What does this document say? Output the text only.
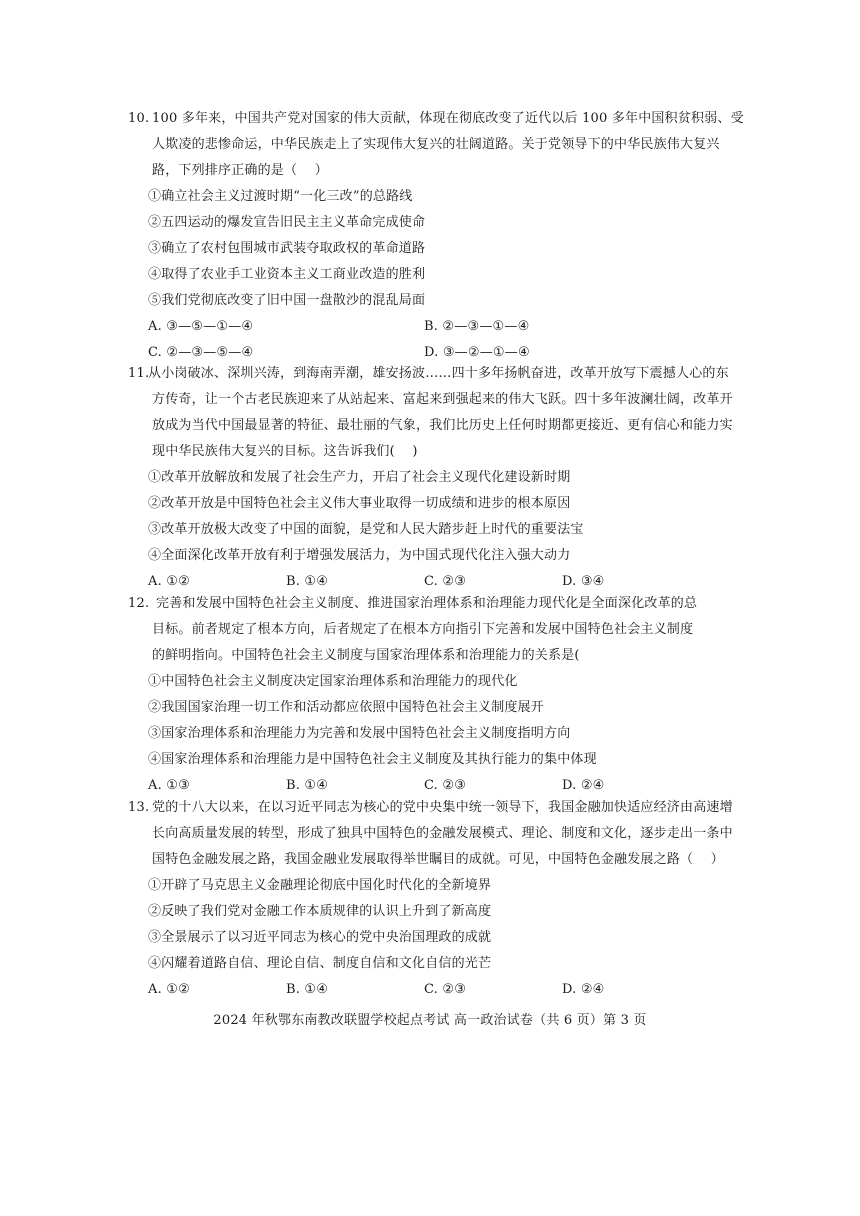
10. 100 多年来，中国共产党对国家的伟大贡献，体现在彻底改变了近代以后 100 多年中国积贫积弱、受
人欺凌的悲惨命运，中华民族走上了实现伟大复兴的壮阔道路。关于党领导下的中华民族伟大复兴
路，下列排序正确的是（　 ）
①确立社会主义过渡时期“一化三改”的总路线
②五四运动的爆发宣告旧民主主义革命完成使命
③确立了农村包围城市武装夺取政权的革命道路
④取得了农业手工业资本主义工商业改造的胜利
⑤我们党彻底改变了旧中国一盘散沙的混乱局面
A. ③—⑤—①—④	B. ②—③—①—④
C. ②—③—⑤—④	D. ③—②—①—④
11.从小岗破冰、深圳兴涛，到海南弄潮，雄安扬波……四十多年扬帆奋进，改革开放写下震撼人心的东
方传奇，让一个古老民族迎来了从站起来、富起来到强起来的伟大飞跃。四十多年波澜壮阔，改革开
放成为当代中国最显著的特征、最壮丽的气象，我们比历史上任何时期都更接近、更有信心和能力实
现中华民族伟大复兴的目标。这告诉我们(　 )
①改革开放解放和发展了社会生产力，开启了社会主义现代化建设新时期
②改革开放是中国特色社会主义伟大事业取得一切成绩和进步的根本原因
③改革开放极大改变了中国的面貌，是党和人民大踏步赶上时代的重要法宝
④全面深化改革开放有利于增强发展活力，为中国式现代化注入强大动力
A. ①②	B. ①④	C. ②③	D. ③④
12. 完善和发展中国特色社会主义制度、推进国家治理体系和治理能力现代化是全面深化改革的总
目标。前者规定了根本方向，后者规定了在根本方向指引下完善和发展中国特色社会主义制度
的鲜明指向。中国特色社会主义制度与国家治理体系和治理能力的关系是(
①中国特色社会主义制度决定国家治理体系和治理能力的现代化
②我国国家治理一切工作和活动都应依照中国特色社会主义制度展开
③国家治理体系和治理能力为完善和发展中国特色社会主义制度指明方向
④国家治理体系和治理能力是中国特色社会主义制度及其执行能力的集中体现
A. ①③	B. ①④	C. ②③	D. ②④
13. 党的十八大以来，在以习近平同志为核心的党中央集中统一领导下，我国金融加快适应经济由高速增
长向高质量发展的转型，形成了独具中国特色的金融发展模式、理论、制度和文化，逐步走出一条中
国特色金融发展之路，我国金融业发展取得举世瞩目的成就。可见，中国特色金融发展之路（　 ）
①开辟了马克思主义金融理论彻底中国化时代化的全新境界
②反映了我们党对金融工作本质规律的认识上升到了新高度
③全景展示了以习近平同志为核心的党中央治国理政的成就
④闪耀着道路自信、理论自信、制度自信和文化自信的光芒
A. ①②	B. ①④	C. ②③	D. ②④
2024 年秋鄂东南教改联盟学校起点考试 高一政治试卷（共 6 页）第 3 页
